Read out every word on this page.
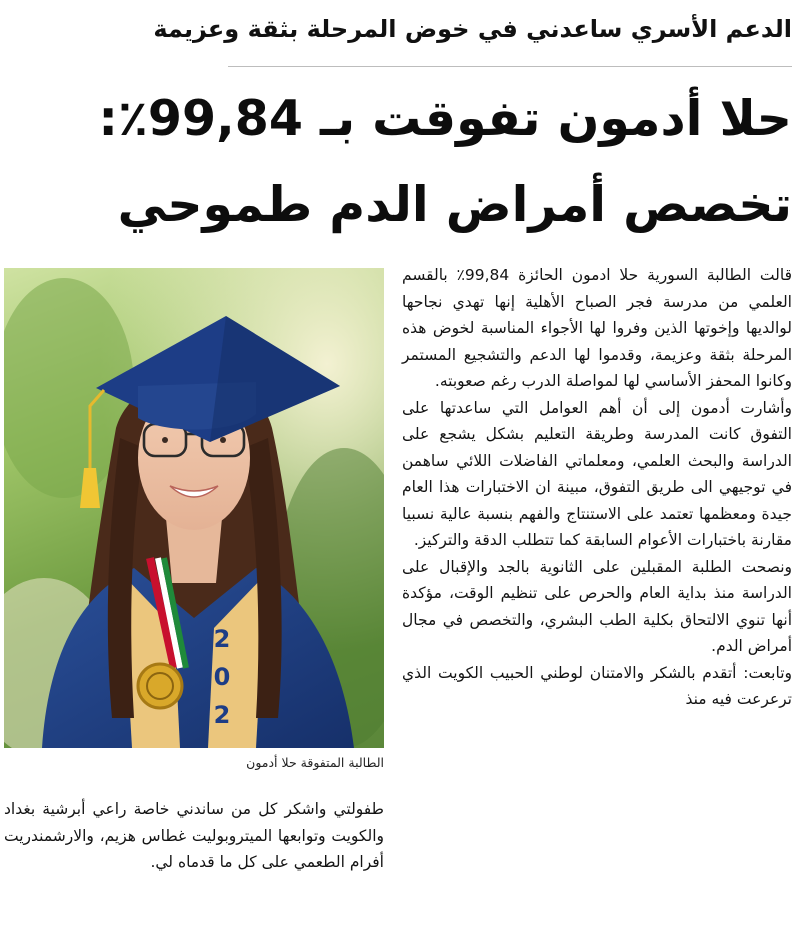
الدعم الأسري ساعدني في خوض المرحلة بثقة وعزيمة
حلا أدمون تفوقت بـ 99,84٪: تخصص أمراض الدم طموحي
202
الطالبة المتفوقة حلا أدمون

قالت الطالبة السورية حلا ادمون الحائزة 99,84٪ بالقسم العلمي من مدرسة فجر الصباح الأهلية إنها تهدي نجاحها لوالديها وإخوتها الذين وفروا لها الأجواء المناسبة لخوض هذه المرحلة بثقة وعزيمة، وقدموا لها الدعم والتشجيع المستمر وكانوا المحفز الأساسي لها لمواصلة الدرب رغم صعوبته.

وأشارت أدمون إلى أن أهم العوامل التي ساعدتها على التفوق كانت المدرسة وطريقة التعليم بشكل يشجع على الدراسة والبحث العلمي، ومعلماتي الفاضلات اللائي ساهمن في توجيهي الى طريق التفوق، مبينة ان الاختبارات هذا العام جيدة ومعظمها تعتمد على الاستنتاج والفهم بنسبة عالية نسبيا مقارنة باختبارات الأعوام السابقة كما تتطلب الدقة والتركيز.

ونصحت الطلبة المقبلين على الثانوية بالجد والإقبال على الدراسة منذ بداية العام والحرص على تنظيم الوقت، مؤكدة أنها تنوي الالتحاق بكلية الطب البشري، والتخصص في مجال أمراض الدم.

وتابعت: أتقدم بالشكر والامتنان لوطني الحبيب الكويت الذي ترعرعت فيه منذ

طفولتي واشكر كل من ساندني خاصة راعي أبرشية بغداد والكويت وتوابعها الميتروبوليت غطاس هزيم، والارشمندريت أفرام الطعمي على كل ما قدماه لي.
